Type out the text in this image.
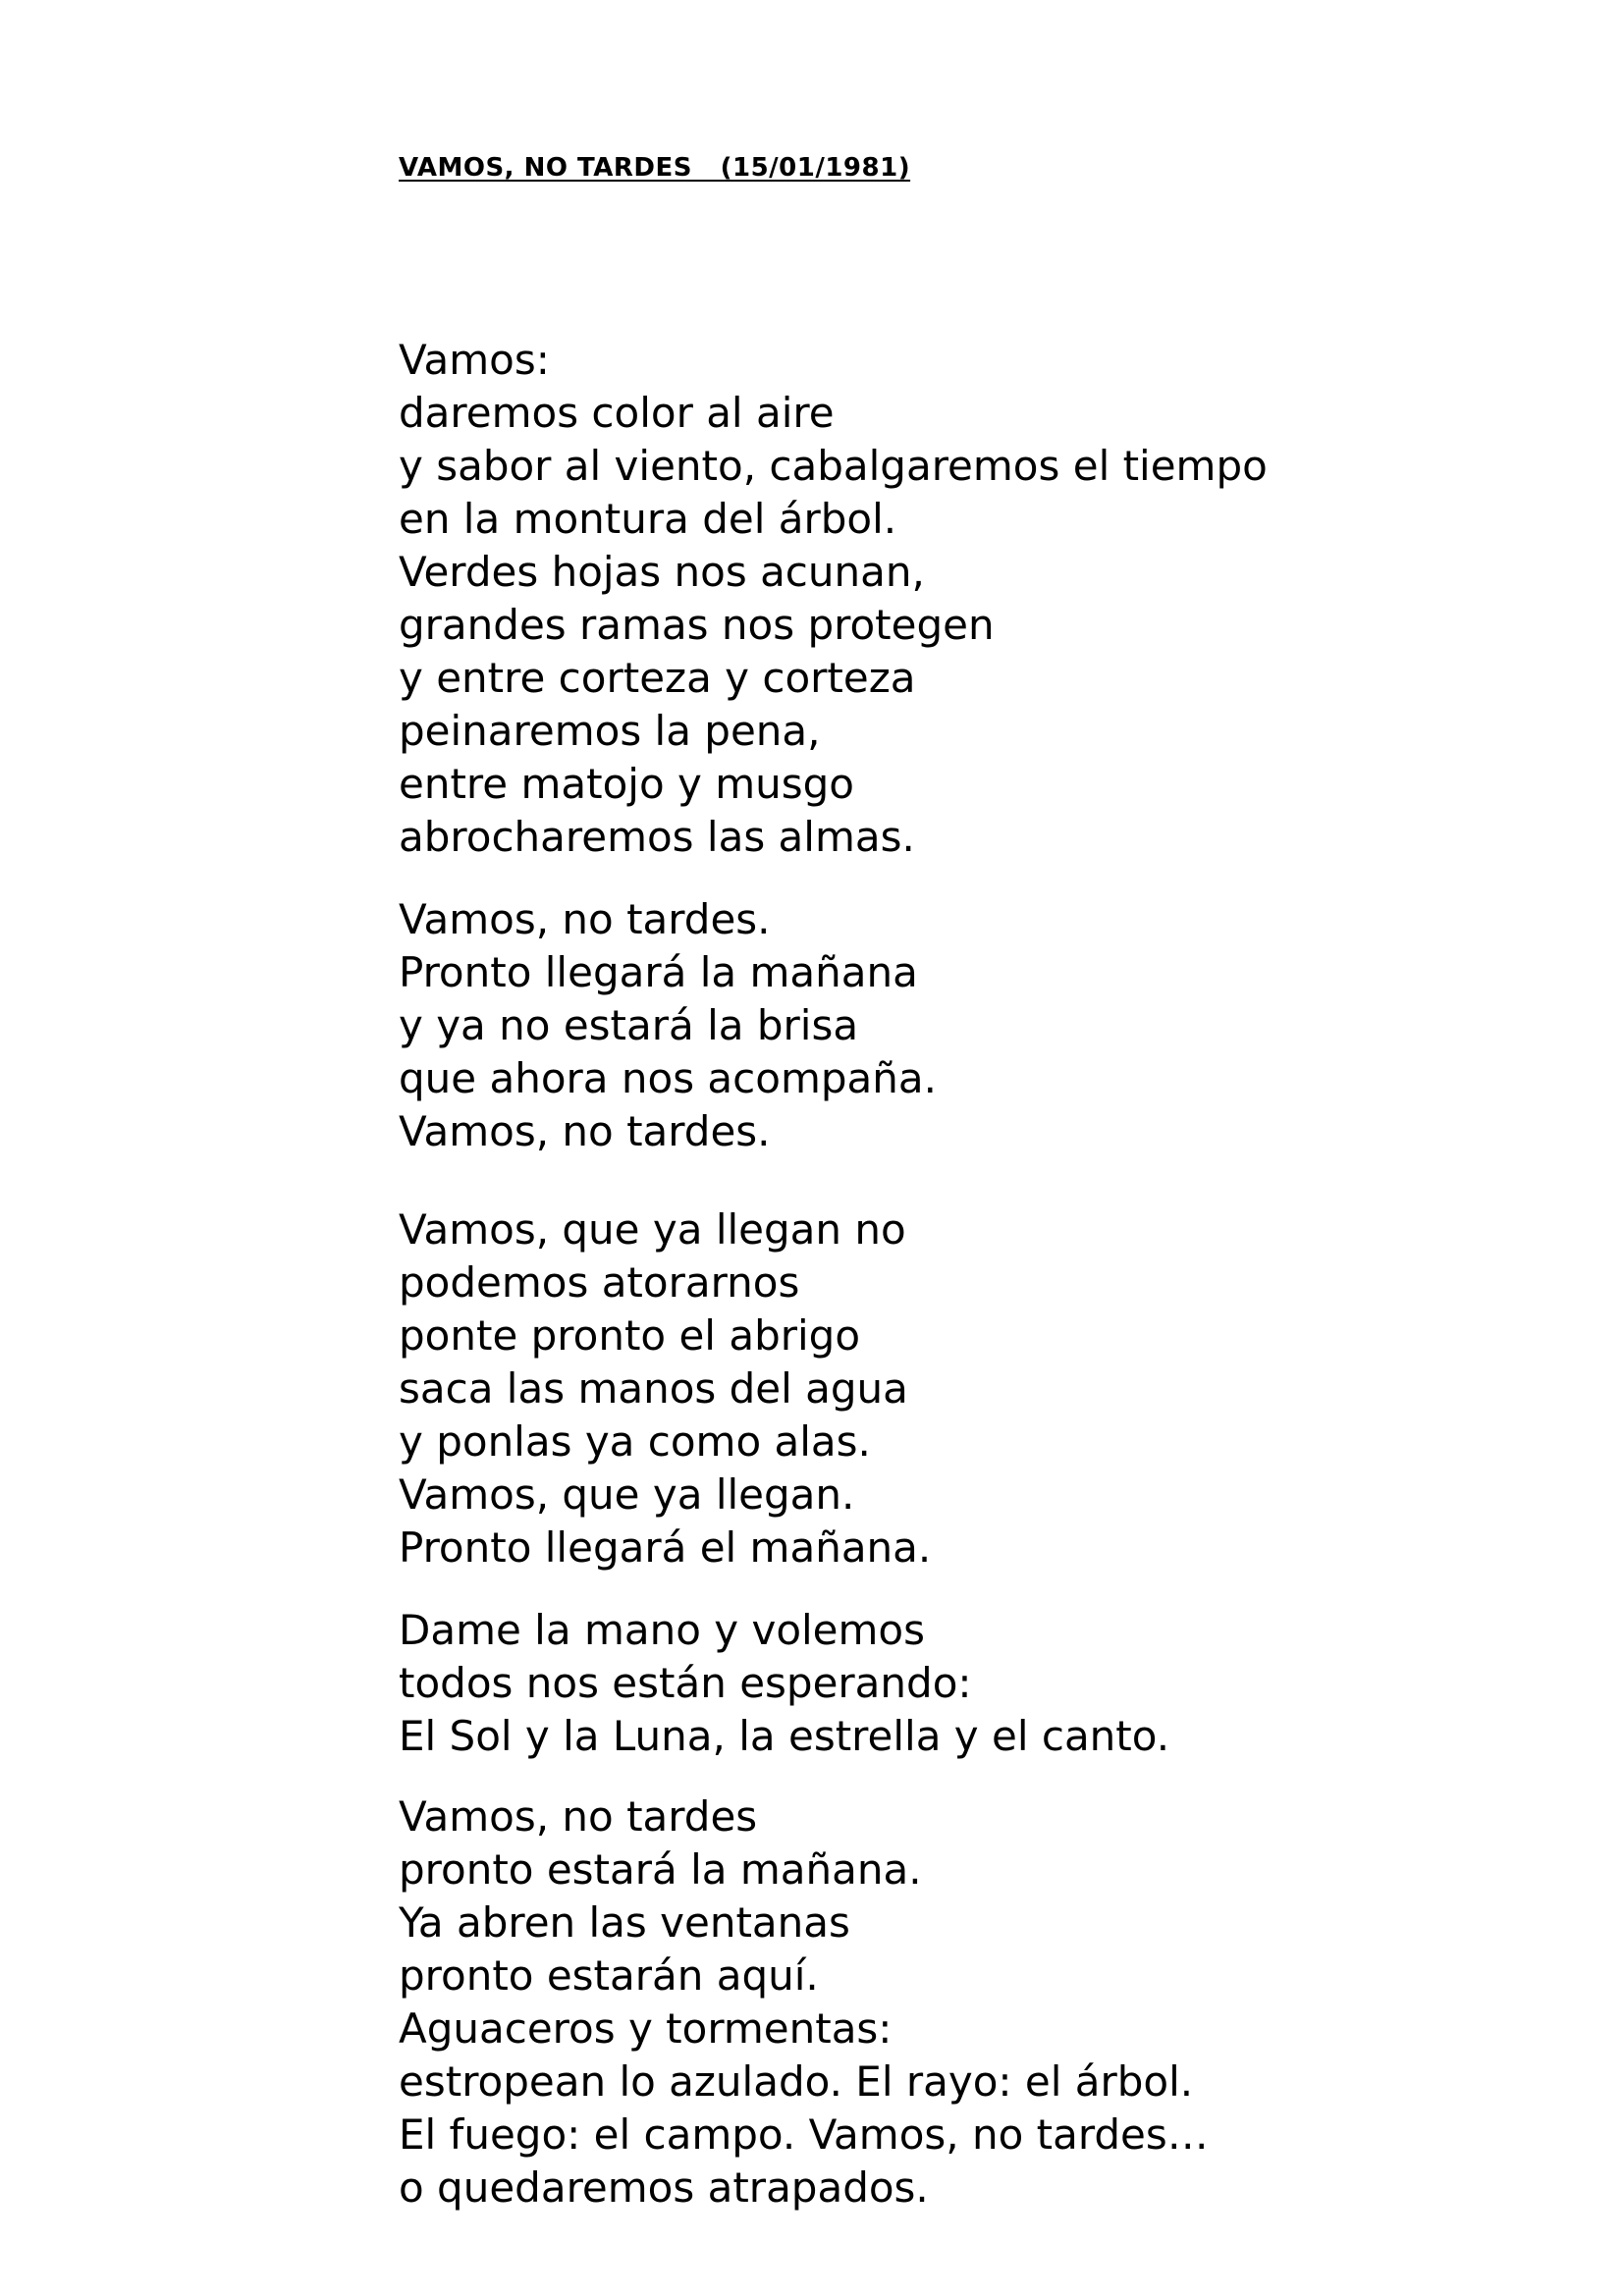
VAMOS, NO TARDES   (15/01/1981)
Vamos:
daremos color al aire
y sabor al viento, cabalgaremos el tiempo
en la montura del árbol.
Verdes hojas nos acunan,
grandes ramas nos protegen
y entre corteza y corteza
peinaremos la pena,
entre matojo y musgo
abrocharemos las almas.
Vamos, no tardes.
Pronto llegará la mañana
y ya no estará la brisa
que ahora nos acompaña.
Vamos, no tardes.
Vamos, que ya llegan no
podemos atorarnos
ponte pronto el abrigo
saca las manos del agua
y ponlas ya como alas.
Vamos, que ya llegan.
Pronto llegará el mañana.
Dame la mano y volemos
todos nos están esperando:
El Sol y la Luna, la estrella y el canto.
Vamos, no tardes
pronto estará la mañana.
Ya abren las ventanas
pronto estarán aquí.
Aguaceros y tormentas:
estropean lo azulado. El rayo: el árbol.
El fuego: el campo. Vamos, no tardes…
o quedaremos atrapados.
